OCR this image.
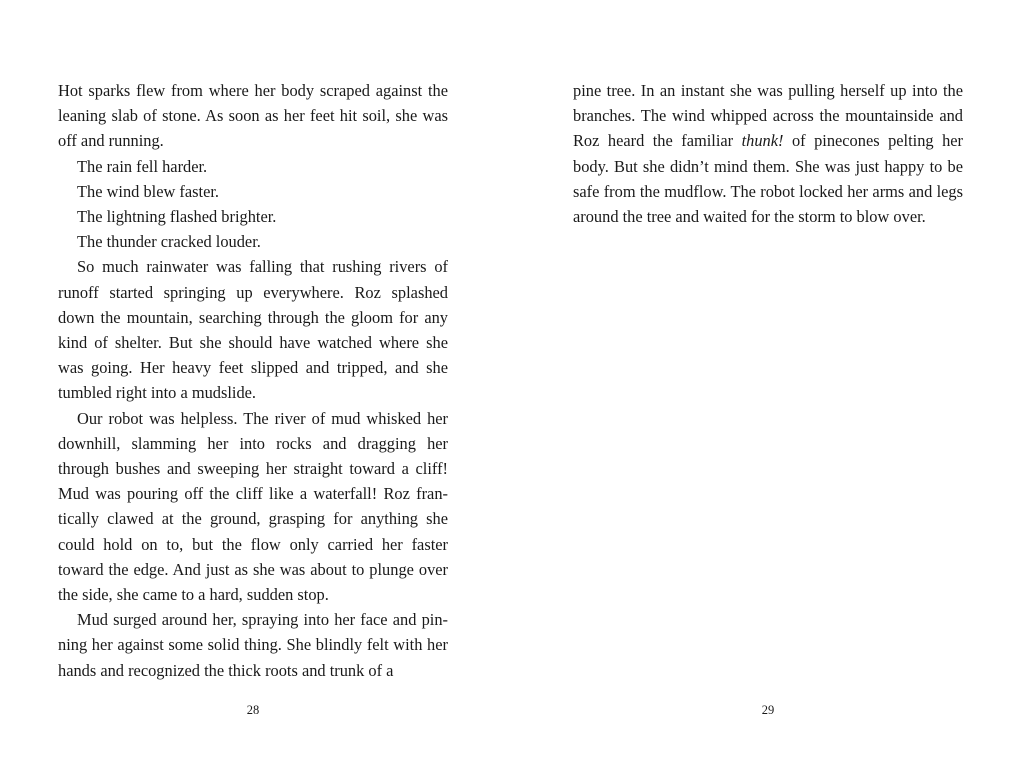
Hot sparks flew from where her body scraped against the leaning slab of stone. As soon as her feet hit soil, she was off and running.

The rain fell harder.

The wind blew faster.

The lightning flashed brighter.

The thunder cracked louder.

So much rainwater was falling that rushing rivers of runoff started springing up everywhere. Roz splashed down the mountain, searching through the gloom for any kind of shelter. But she should have watched where she was going. Her heavy feet slipped and tripped, and she tumbled right into a mudslide.

Our robot was helpless. The river of mud whisked her downhill, slamming her into rocks and dragging her through bushes and sweeping her straight toward a cliff! Mud was pouring off the cliff like a waterfall! Roz frantically clawed at the ground, grasping for anything she could hold on to, but the flow only carried her faster toward the edge. And just as she was about to plunge over the side, she came to a hard, sudden stop.

Mud surged around her, spraying into her face and pinning her against some solid thing. She blindly felt with her hands and recognized the thick roots and trunk of a

28

pine tree. In an instant she was pulling herself up into the branches. The wind whipped across the mountainside and Roz heard the familiar thunk! of pinecones pelting her body. But she didn’t mind them. She was just happy to be safe from the mudflow. The robot locked her arms and legs around the tree and waited for the storm to blow over.

29
